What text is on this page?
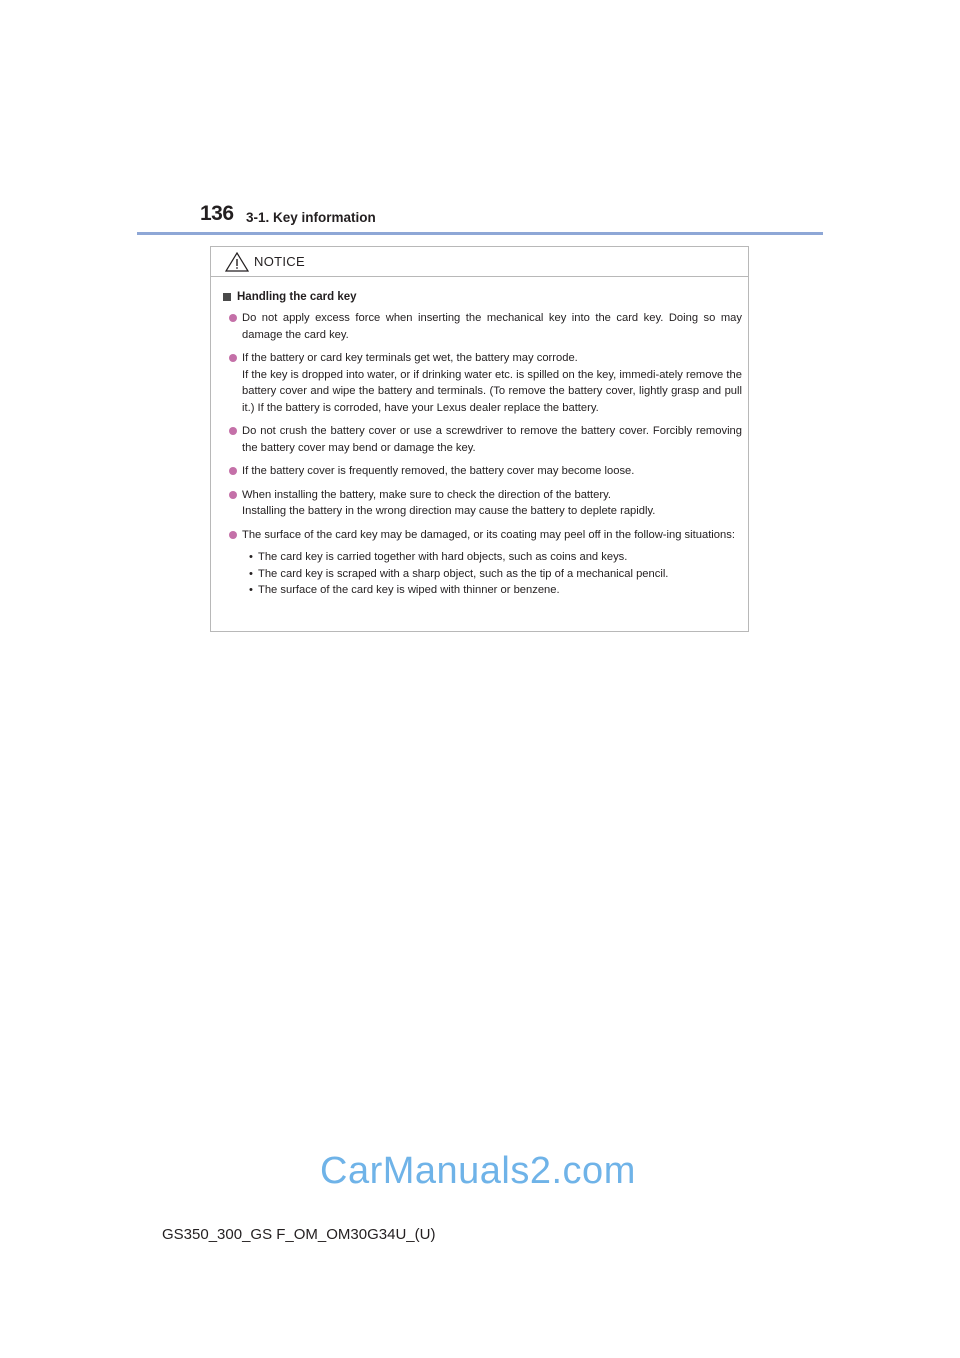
136 3-1. Key information
NOTICE
Handling the card key

Do not apply excess force when inserting the mechanical key into the card key. Doing so may damage the card key.

If the battery or card key terminals get wet, the battery may corrode.

If the key is dropped into water, or if drinking water etc. is spilled on the key, immedi-ately remove the battery cover and wipe the battery and terminals. (To remove the battery cover, lightly grasp and pull it.) If the battery is corroded, have your Lexus dealer replace the battery.

Do not crush the battery cover or use a screwdriver to remove the battery cover. Forcibly removing the battery cover may bend or damage the key.

If the battery cover is frequently removed, the battery cover may become loose.

When installing the battery, make sure to check the direction of the battery.

Installing the battery in the wrong direction may cause the battery to deplete rapidly.

The surface of the card key may be damaged, or its coating may peel off in the follow-ing situations:

• The card key is carried together with hard objects, such as coins and keys.
• The card key is scraped with a sharp object, such as the tip of a mechanical pencil.
• The surface of the card key is wiped with thinner or benzene.
CarManuals2.com
GS350_300_GS F_OM_OM30G34U_(U)
